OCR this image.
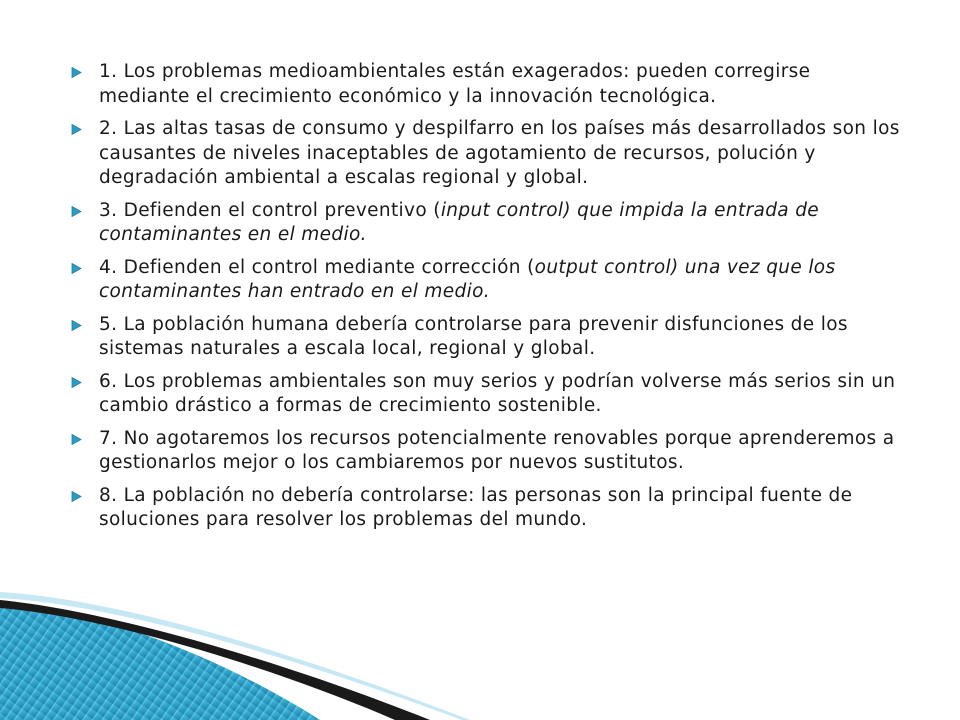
1. Los problemas medioambientales están exagerados: pueden corregirse mediante el crecimiento económico y la innovación tecnológica.
2. Las altas tasas de consumo y despilfarro en los países más desarrollados son los causantes de niveles inaceptables de agotamiento de recursos, polución y degradación ambiental a escalas regional y global.
3. Defienden el control preventivo (input control) que impida la entrada de contaminantes en el medio.
4. Defienden el control mediante corrección (output control) una vez que los contaminantes han entrado en el medio.
5. La población humana debería controlarse para prevenir disfunciones de los sistemas naturales a escala local, regional y global.
6. Los problemas ambientales son muy serios y podrían volverse más serios sin un cambio drástico a formas de crecimiento sostenible.
7. No agotaremos los recursos potencialmente renovables porque aprenderemos a gestionarlos mejor o los cambiaremos por nuevos sustitutos.
8. La población no debería controlarse: las personas son la principal fuente de soluciones para resolver los problemas del mundo.
